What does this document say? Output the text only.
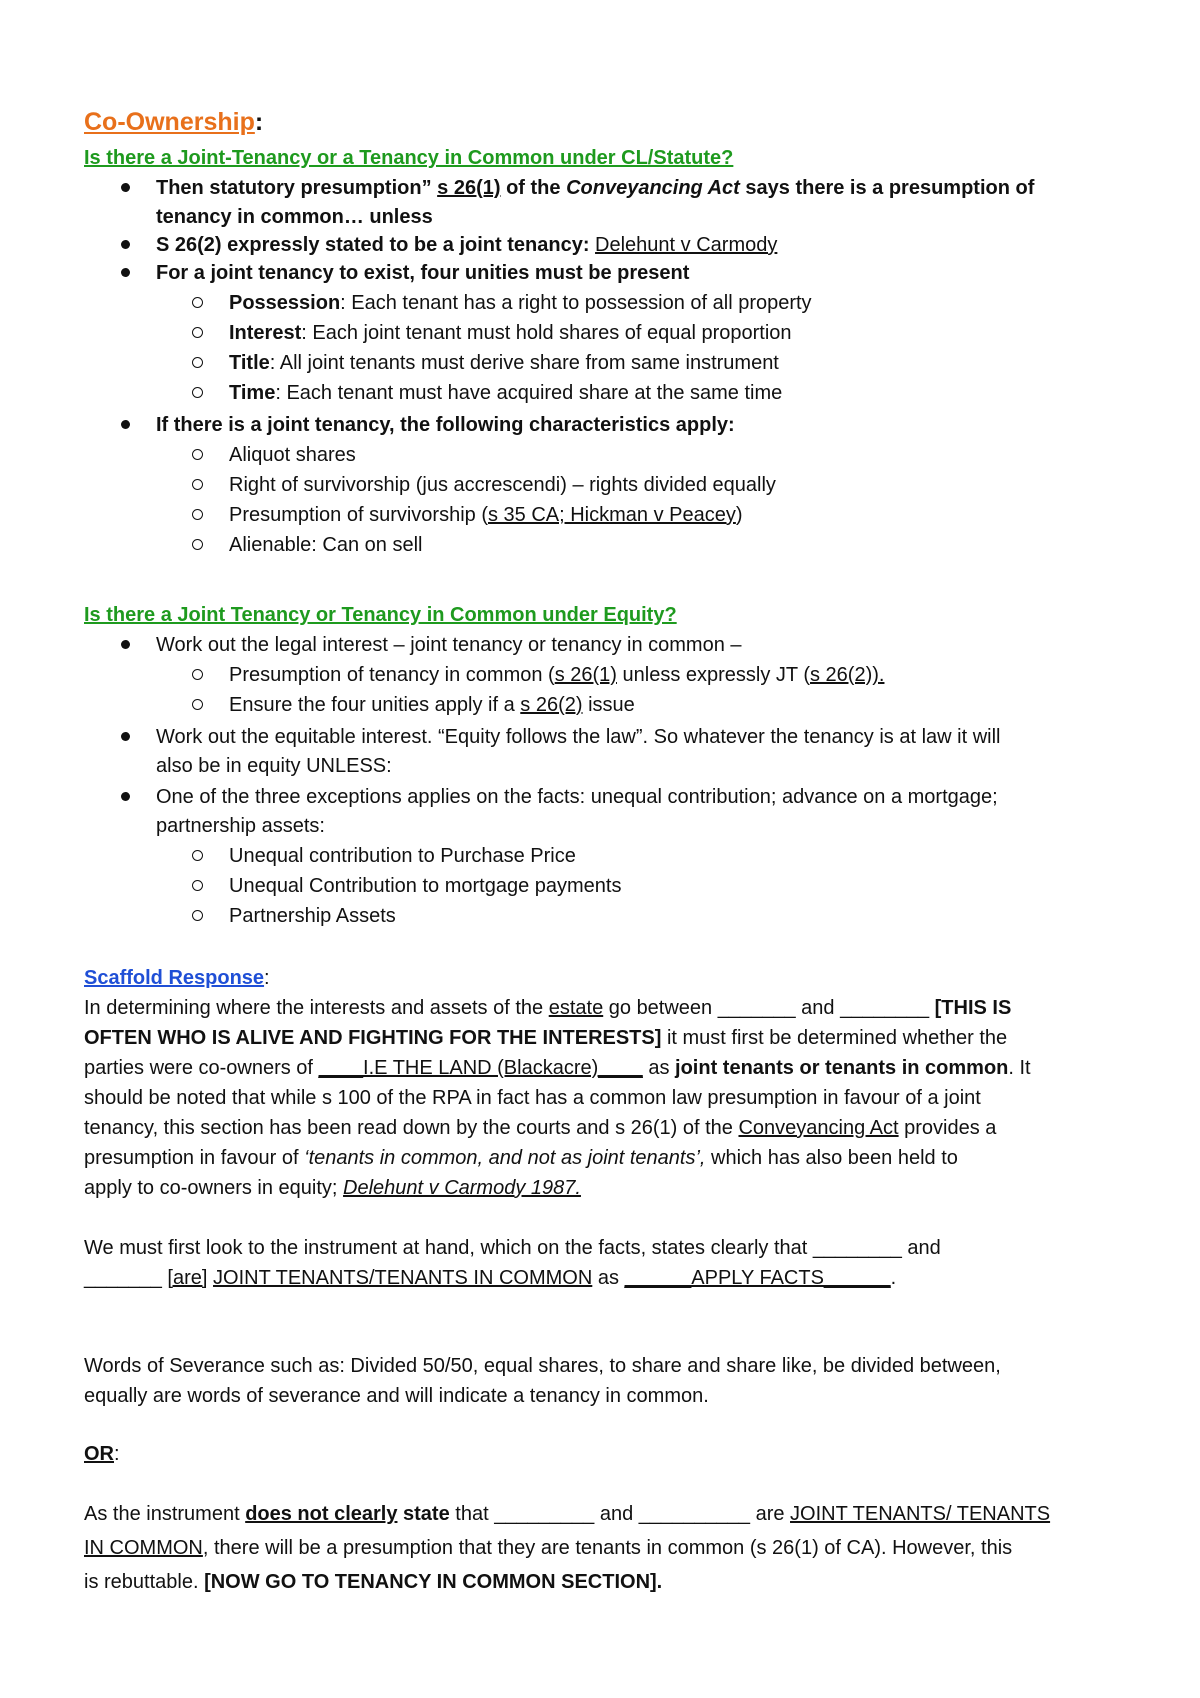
Co-Ownership:
Is there a Joint-Tenancy or a Tenancy in Common under CL/Statute?
Then statutory presumption” s 26(1) of the Conveyancing Act says there is a presumption of
tenancy in common… unless
S 26(2) expressly stated to be a joint tenancy: Delehunt v Carmody
For a joint tenancy to exist, four unities must be present
Possession: Each tenant has a right to possession of all property
Interest: Each joint tenant must hold shares of equal proportion
Title: All joint tenants must derive share from same instrument
Time: Each tenant must have acquired share at the same time
If there is a joint tenancy, the following characteristics apply:
Aliquot shares
Right of survivorship (jus accrescendi) – rights divided equally
Presumption of survivorship (s 35 CA; Hickman v Peacey)
Alienable: Can on sell
Is there a Joint Tenancy or Tenancy in Common under Equity?
Work out the legal interest – joint tenancy or tenancy in common –
Presumption of tenancy in common (s 26(1) unless expressly JT (s 26(2)).
Ensure the four unities apply if a s 26(2) issue
Work out the equitable interest. “Equity follows the law”. So whatever the tenancy is at law it will
also be in equity UNLESS:
One of the three exceptions applies on the facts: unequal contribution; advance on a mortgage;
partnership assets:
Unequal contribution to Purchase Price
Unequal Contribution to mortgage payments
Partnership Assets
Scaffold Response:
In determining where the interests and assets of the estate go between _______ and ________ [THIS IS
OFTEN WHO IS ALIVE AND FIGHTING FOR THE INTERESTS] it must first be determined whether the
parties were co-owners of ____I.E THE LAND (Blackacre)____ as joint tenants or tenants in common. It
should be noted that while s 100 of the RPA in fact has a common law presumption in favour of a joint
tenancy, this section has been read down by the courts and s 26(1) of the Conveyancing Act provides a
presumption in favour of ‘tenants in common, and not as joint tenants’, which has also been held to
apply to co-owners in equity; Delehunt v Carmody 1987.
We must first look to the instrument at hand, which on the facts, states clearly that ________ and
_______ [are] JOINT TENANTS/TENANTS IN COMMON as ______APPLY FACTS______.
Words of Severance such as: Divided 50/50, equal shares, to share and share like, be divided between,
equally are words of severance and will indicate a tenancy in common.
OR:
As the instrument does not clearly state that _________ and __________ are JOINT TENANTS/ TENANTS
IN COMMON, there will be a presumption that they are tenants in common (s 26(1) of CA). However, this
is rebuttable. [NOW GO TO TENANCY IN COMMON SECTION].
